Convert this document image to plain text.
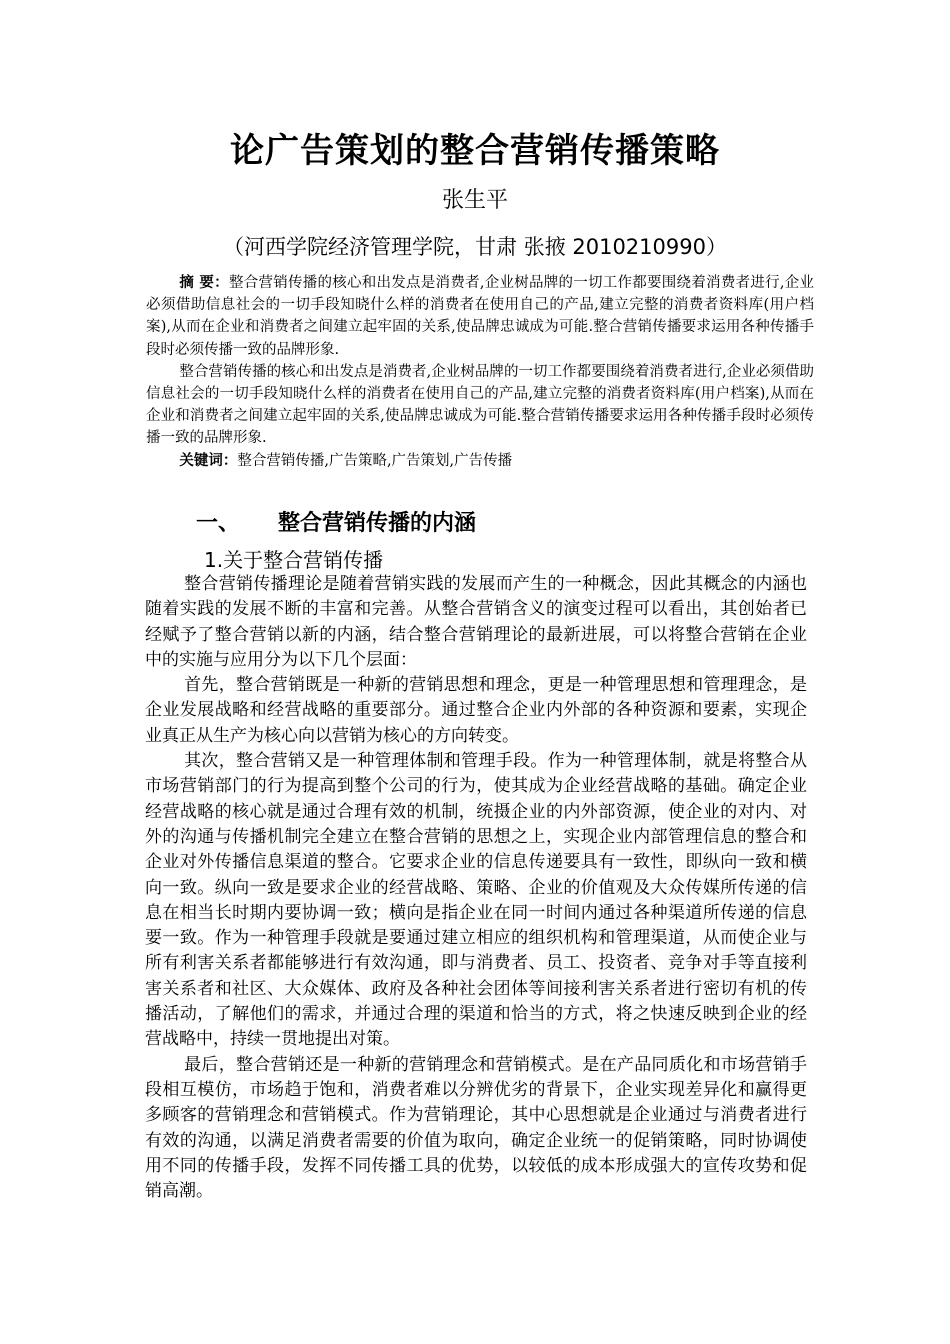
论广告策划的整合营销传播策略
张生平
（河西学院经济管理学院，甘肃 张掖 2010210990）

摘 要：整合营销传播的核心和出发点是消费者,企业树品牌的一切工作都要围绕着消费者进行,企业必须借助信息社会的一切手段知晓什么样的消费者在使用自己的产品,建立完整的消费者资料库(用户档案),从而在企业和消费者之间建立起牢固的关系,使品牌忠诚成为可能.整合营销传播要求运用各种传播手段时必须传播一致的品牌形象.

整合营销传播的核心和出发点是消费者,企业树品牌的一切工作都要围绕着消费者进行,企业必须借助信息社会的一切手段知晓什么样的消费者在使用自己的产品,建立完整的消费者资料库(用户档案),从而在企业和消费者之间建立起牢固的关系,使品牌忠诚成为可能.整合营销传播要求运用各种传播手段时必须传播一致的品牌形象.

关键词：整合营销传播,广告策略,广告策划,广告传播

一、 整合营销传播的内涵
1.关于整合营销传播

整合营销传播理论是随着营销实践的发展而产生的一种概念，因此其概念的内涵也随着实践的发展不断的丰富和完善。从整合营销含义的演变过程可以看出，其创始者已经赋予了整合营销以新的内涵，结合整合营销理论的最新进展，可以将整合营销在企业中的实施与应用分为以下几个层面：

首先，整合营销既是一种新的营销思想和理念，更是一种管理思想和管理理念，是企业发展战略和经营战略的重要部分。通过整合企业内外部的各种资源和要素，实现企业真正从生产为核心向以营销为核心的方向转变。

其次，整合营销又是一种管理体制和管理手段。作为一种管理体制，就是将整合从市场营销部门的行为提高到整个公司的行为，使其成为企业经营战略的基础。确定企业经营战略的核心就是通过合理有效的机制，统摄企业的内外部资源，使企业的对内、对外的沟通与传播机制完全建立在整合营销的思想之上，实现企业内部管理信息的整合和企业对外传播信息渠道的整合。它要求企业的信息传递要具有一致性，即纵向一致和横向一致。纵向一致是要求企业的经营战略、策略、企业的价值观及大众传媒所传递的信息在相当长时期内要协调一致；横向是指企业在同一时间内通过各种渠道所传递的信息要一致。作为一种管理手段就是要通过建立相应的组织机构和管理渠道，从而使企业与所有利害关系者都能够进行有效沟通，即与消费者、员工、投资者、竞争对手等直接利害关系者和社区、大众媒体、政府及各种社会团体等间接利害关系者进行密切有机的传播活动，了解他们的需求，并通过合理的渠道和恰当的方式，将之快速反映到企业的经营战略中，持续一贯地提出对策。

最后，整合营销还是一种新的营销理念和营销模式。是在产品同质化和市场营销手段相互模仿，市场趋于饱和，消费者难以分辨优劣的背景下，企业实现差异化和赢得更多顾客的营销理念和营销模式。作为营销理论，其中心思想就是企业通过与消费者进行有效的沟通，以满足消费者需要的价值为取向，确定企业统一的促销策略，同时协调使用不同的传播手段，发挥不同传播工具的优势，以较低的成本形成强大的宣传攻势和促销高潮。
